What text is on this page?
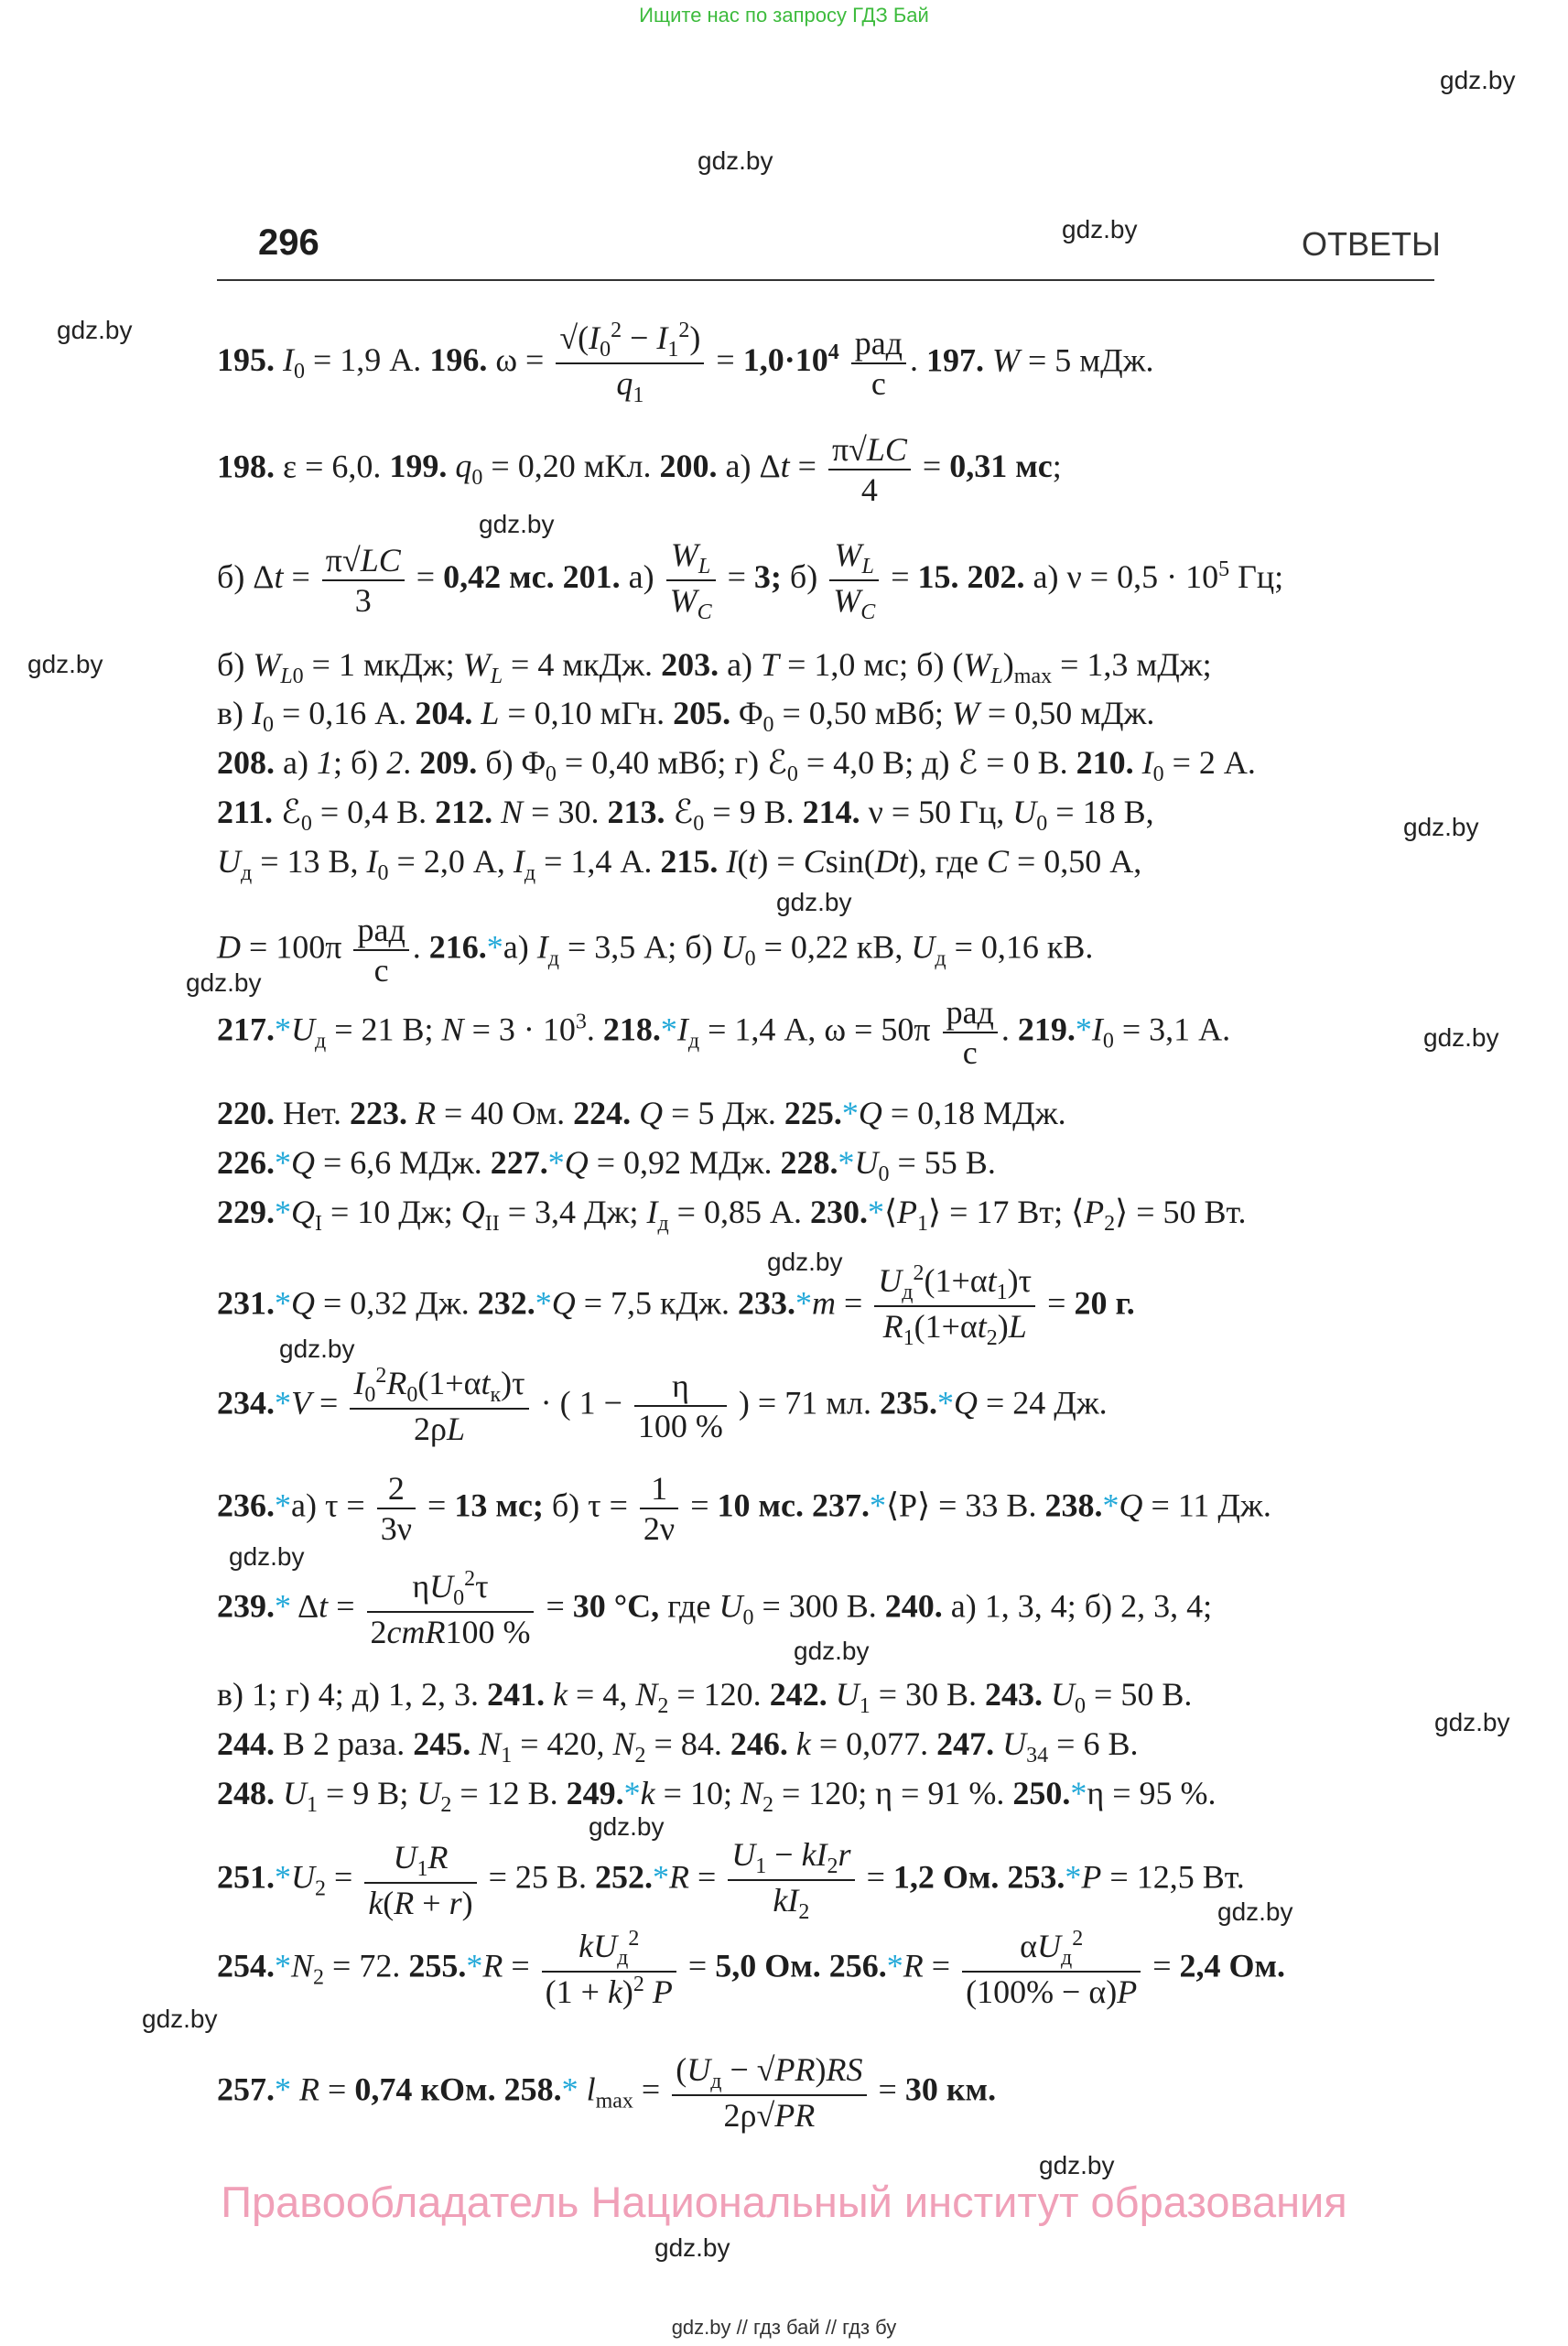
Ищите нас по запросу ГДЗ Бай
gdz.by
gdz.by
gdz.by
gdz.by
gdz.by
gdz.by
gdz.by
gdz.by
gdz.by
gdz.by
gdz.by
gdz.by
gdz.by
gdz.by
gdz.by
gdz.by
gdz.by
gdz.by
gdz.by
gdz.by
296	ОТВЕТЫ
195. $I_0 = 1,9$ А. 196. $\omega = \frac{√(I_0^2 - I_1^2)}{q_1} = 1,0\cdot 10^4 \frac{\text{рад}}{с}$ . 197. W = 5 мДж.
198. ε = 6,0. 199. $q_0 = 0,20$ мКл. 200. а) $\Delta t = \frac{\pi√LC}{4} = 0,31$ мс;
б) $\Delta t = \frac{\pi√LC}{3} = 0,42$ мс. 201. $а) \frac{W_L}{W_C} = 3$; $б) \frac{W_L}{W_C} = 15$. 202. а) $\nu = 0,5 \cdot 10^5$ Гц;
б) $W_{L0} = 1$ мкДж; $W_L = 4$ мкДж. 203. а) T = 1,0 мс; б) $(W_L)_{max} = 1,3$ мДж;
в) $I_0 = 0,16$ А. 204. L = 0,10 мГн. 205. $\Phi_0 = 0,50$ мВб; W = 0,50 мДж.
208. а) 1; б) 2. 209. б) $\Phi_0 = 0,40$ мВб; г) ℰ$_0$ = 4,0 В; д) ℰ = 0 В. 210. $I_0 = 2$ А.
211. ℰ$_0$ = 0,4 В. 212. N = 30. 213. ℰ$_0$ = 9 В. 214. ν = 50 Гц, $U_0 = 18$ В,
$U_д = 13$ В, $I_0 = 2,0$ А, $I_д = 1,4$ А. 215. I(t) = Csin(Dt), где C = 0,50 А,
$D = 100\pi \frac{\text{рад}}{с}$ . 216.*а) $I_д = 3,5$ А; б) $U_0 = 0,22$ кВ, $U_д = 0,16$ кВ.
$217.*U_д = 21$ В; $N = 3 \cdot 10^3$. $218.*I_д = 1,4$ А, $\omega = 50\pi \frac{\text{рад}}{с}$ . $219.*I_0 = 3,1$ А.
220. Нет. 223. R = 40 Ом. 224. Q = 5 Дж. 225.*Q = 0,18 МДж.
226.*Q = 6,6 МДж. 227.*Q = 0,92 МДж. $228.*U_0 = 55$ В.
$229.*Q_I = 10$ Дж; $Q_{II} = 3,4$ Дж; $I_д = 0,85$ А. $230.*⟨P_1⟩ = 17$ Вт; $⟨P_2⟩ = 50$ Вт.
231.*Q = 0,32 Дж. 232.*Q = 7,5 кДж. $233.*m = \frac{U_д^2(1+\alpha t_1)\tau}{R_1(1+\alpha t_2)L} = 20$ г.
$234.*V = \frac{I_0^2R_0(1+\alpha t_к)\tau}{2\rho L}$ · ( $1 - \frac{\eta}{100 \%}$ ) = 71 мл. 235.*Q = 24 Дж.
236.*а) $\tau = \frac{2}{3\nu} = 13$ мс; б) $\tau = \frac{1}{2\nu} = 10$ мс. 237.*⟨P⟩ = 33 В. 238.*Q = 11 Дж.
239.* $\Delta t = \frac{\eta U_0^2\tau}{\text{2cmR100 \%}} = 30$ °C, где $U_0 = 300$ В. 240. а) 1, 3, 4; б) 2, 3, 4;
в) 1; г) 4; д) 1, 2, 3. 241. k = 4, $N_2 = 120$. 242. $U_1 = 30$ В. 243. $U_0 = 50$ В.
244. В 2 раза. 245. $N_1 = 420$, $N_2 = 84$. 246. k = 0,077. 247. $U_{34} = 6$ В.
248. $U_1 = 9$ В; $U_2 = 12$ В. 249.*k = 10; $N_2 = 120$; η = 91 %. 250.*η = 95 %.
$251.*U_2 = \frac{U_1R}{k(R + r)} = 25$ В. $252.*R = \frac{U_1 - kI_2r}{kI_2} = 1,2$ Ом. 253.*P = 12,5 Вт.
$254.*N_2 = 72$. $255.*R = \frac{kU_д^2}{(1 + k)^2 P} = 5,0$ Ом. $256.*R = \frac{\alpha U_д^2}{(100\% - \alpha)P} = 2,4$ Ом.
257.* R = 0,74 кОм. 258.* $l_{max} = \frac{(U_д - √PR)RS}{2\rho√PR} = 30$ км.
Правообладатель Национальный институт образования
gdz.by // гдз бай // гдз бу
